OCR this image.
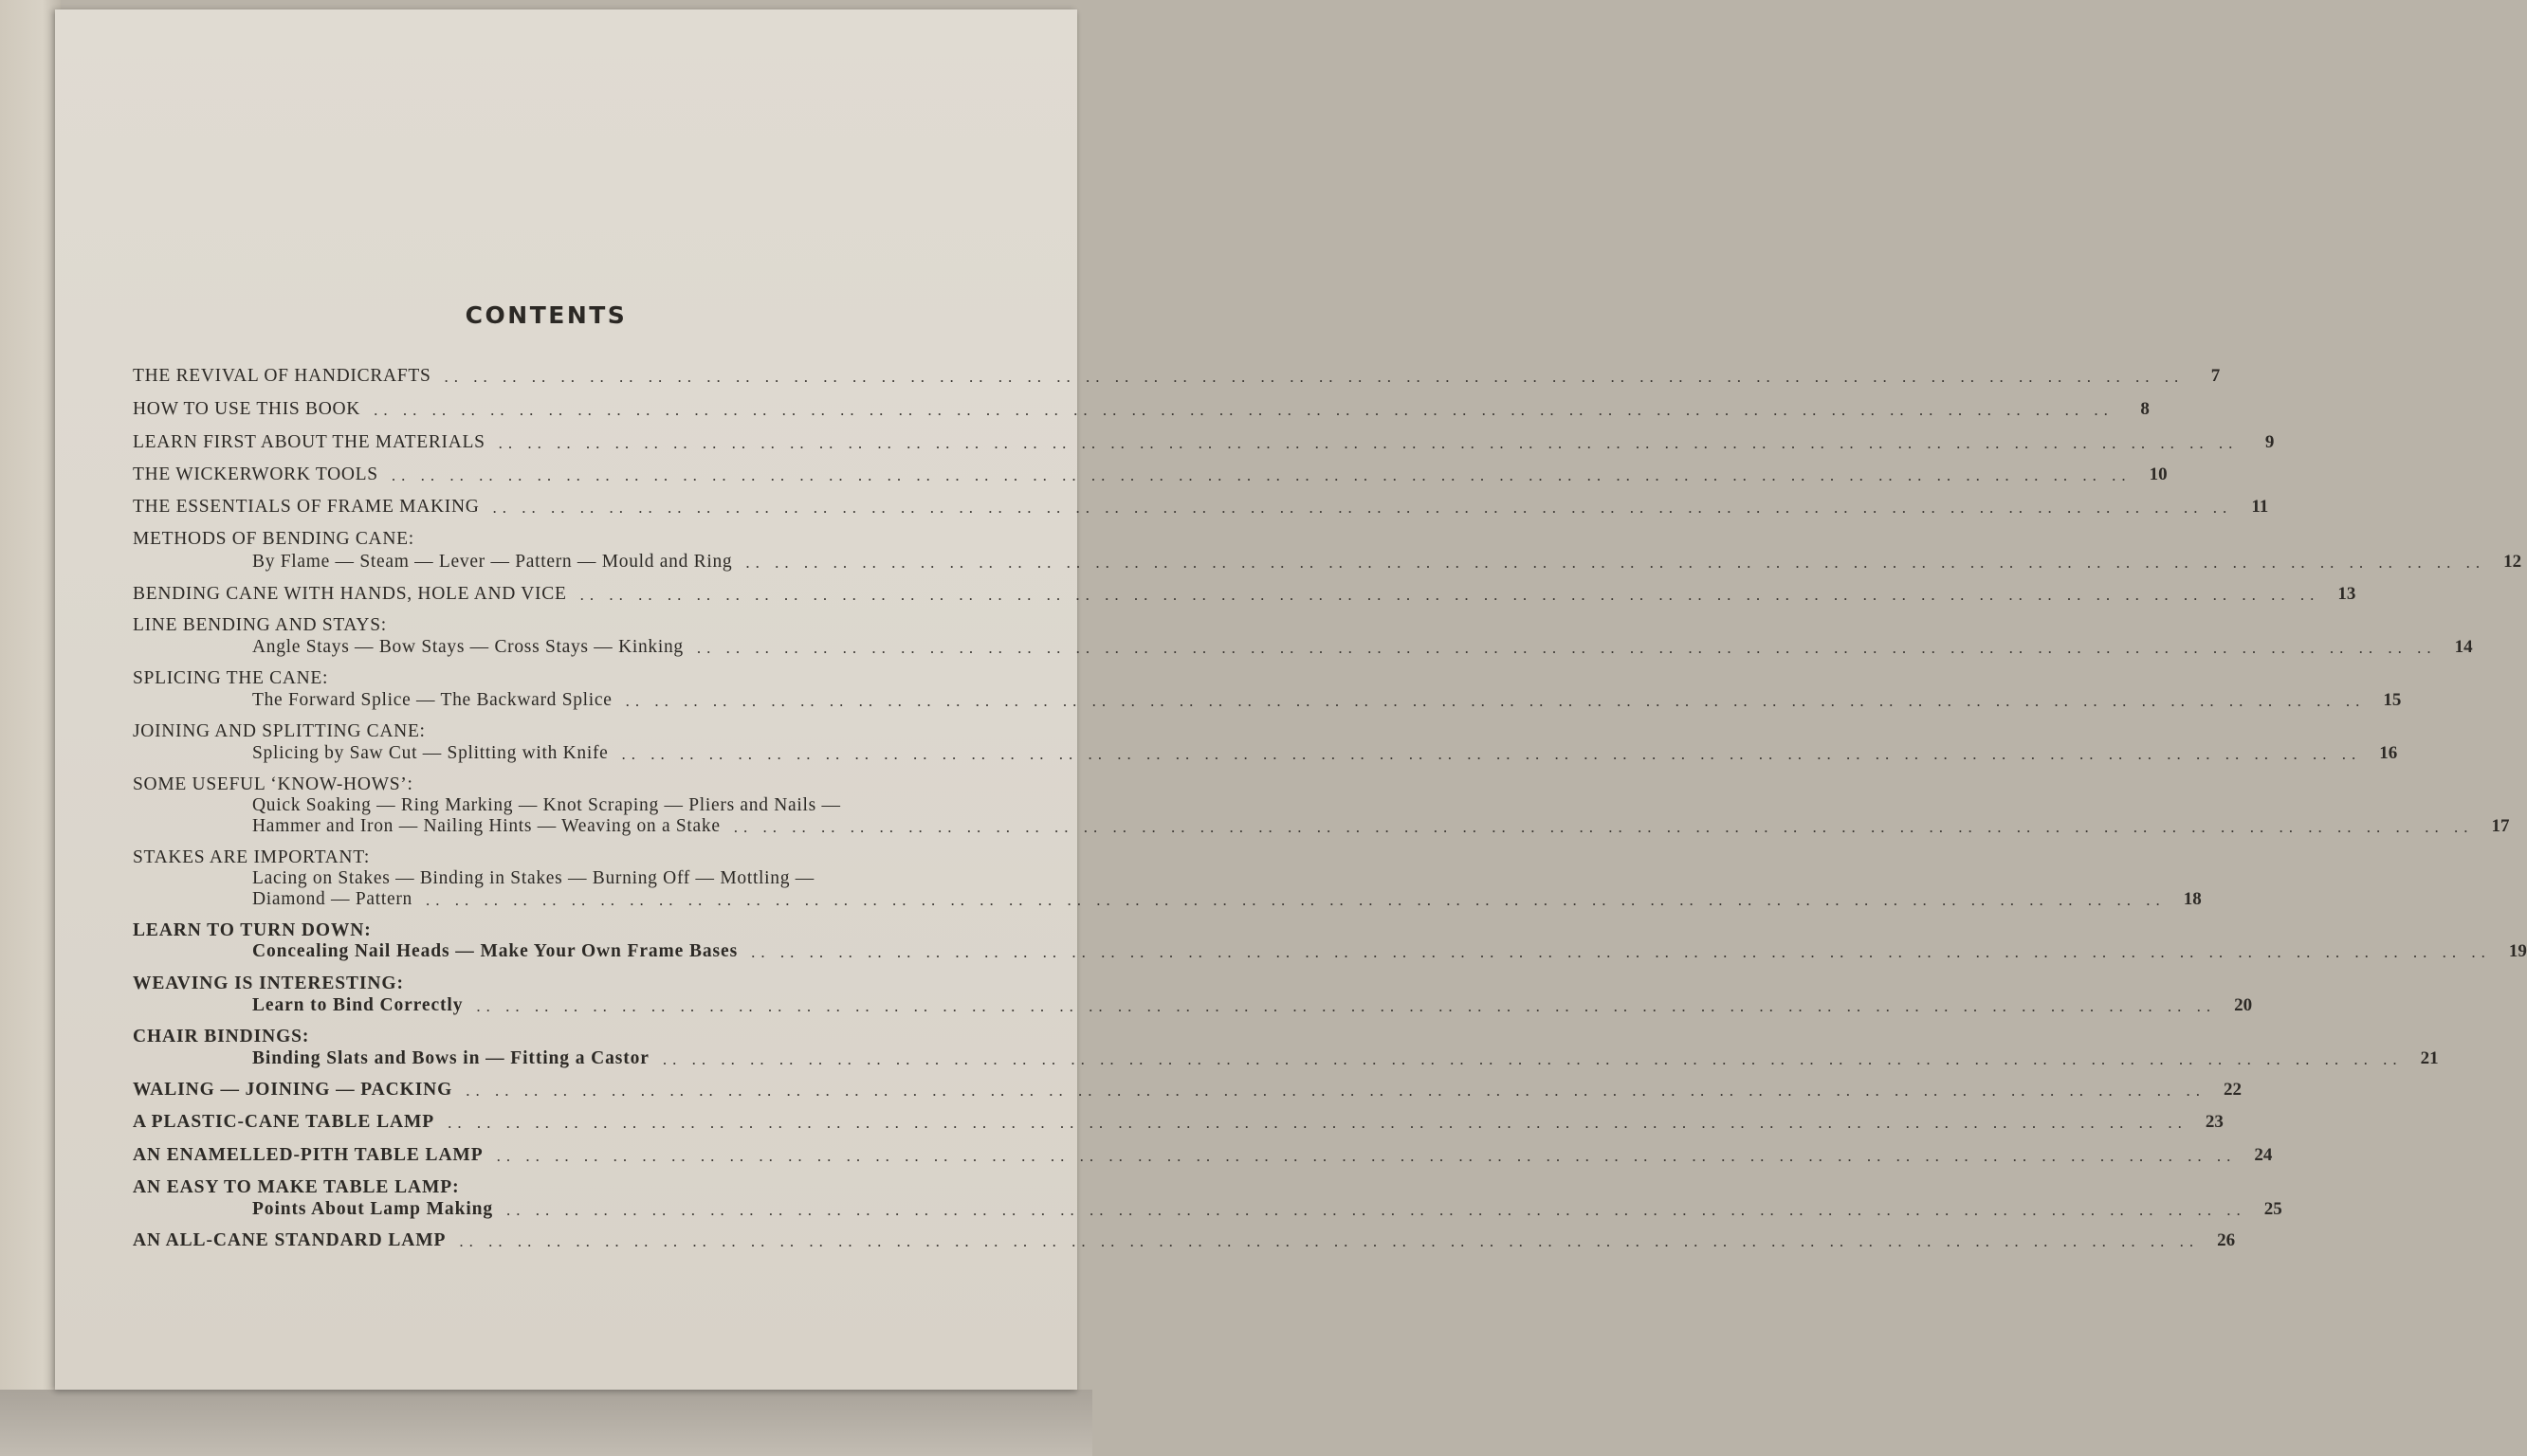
CONTENTS
THE REVIVAL OF HANDICRAFTS .. .. .. .. .. .. .. .. .. .. .. .. .. .. .. .. .. .. .. .. .. .. .. .. .. .. .. .. .. .. .. .. .. .. .. .. .. .. .. .. .. .. .. .. .. .. .. .. .. .. .. .. .. .. .. .. .. .. .. ..	7
HOW TO USE THIS BOOK .. .. .. .. .. .. .. .. .. .. .. .. .. .. .. .. .. .. .. .. .. .. .. .. .. .. .. .. .. .. .. .. .. .. .. .. .. .. .. .. .. .. .. .. .. .. .. .. .. .. .. .. .. .. .. .. .. .. .. ..	8
LEARN FIRST ABOUT THE MATERIALS .. .. .. .. .. .. .. .. .. .. .. .. .. .. .. .. .. .. .. .. .. .. .. .. .. .. .. .. .. .. .. .. .. .. .. .. .. .. .. .. .. .. .. .. .. .. .. .. .. .. .. .. .. .. .. .. .. .. .. ..	9
THE WICKERWORK TOOLS .. .. .. .. .. .. .. .. .. .. .. .. .. .. .. .. .. .. .. .. .. .. .. .. .. .. .. .. .. .. .. .. .. .. .. .. .. .. .. .. .. .. .. .. .. .. .. .. .. .. .. .. .. .. .. .. .. .. .. ..	10
THE ESSENTIALS OF FRAME MAKING .. .. .. .. .. .. .. .. .. .. .. .. .. .. .. .. .. .. .. .. .. .. .. .. .. .. .. .. .. .. .. .. .. .. .. .. .. .. .. .. .. .. .. .. .. .. .. .. .. .. .. .. .. .. .. .. .. .. .. ..	11
METHODS OF BENDING CANE:
By Flame — Steam — Lever — Pattern — Mould and Ring .. .. .. .. .. .. .. .. .. .. .. .. .. .. .. .. .. .. .. .. .. .. .. .. .. .. .. .. .. .. .. .. .. .. .. .. .. .. .. .. .. .. .. .. .. .. .. .. .. .. .. .. .. .. .. .. .. .. .. ..	12
BENDING CANE WITH HANDS, HOLE AND VICE .. .. .. .. .. .. .. .. .. .. .. .. .. .. .. .. .. .. .. .. .. .. .. .. .. .. .. .. .. .. .. .. .. .. .. .. .. .. .. .. .. .. .. .. .. .. .. .. .. .. .. .. .. .. .. .. .. .. .. ..	13
LINE BENDING AND STAYS:
Angle Stays — Bow Stays — Cross Stays — Kinking .. .. .. .. .. .. .. .. .. .. .. .. .. .. .. .. .. .. .. .. .. .. .. .. .. .. .. .. .. .. .. .. .. .. .. .. .. .. .. .. .. .. .. .. .. .. .. .. .. .. .. .. .. .. .. .. .. .. .. ..	14
SPLICING THE CANE:
The Forward Splice — The Backward Splice .. .. .. .. .. .. .. .. .. .. .. .. .. .. .. .. .. .. .. .. .. .. .. .. .. .. .. .. .. .. .. .. .. .. .. .. .. .. .. .. .. .. .. .. .. .. .. .. .. .. .. .. .. .. .. .. .. .. .. ..	15
JOINING AND SPLITTING CANE:
Splicing by Saw Cut — Splitting with Knife .. .. .. .. .. .. .. .. .. .. .. .. .. .. .. .. .. .. .. .. .. .. .. .. .. .. .. .. .. .. .. .. .. .. .. .. .. .. .. .. .. .. .. .. .. .. .. .. .. .. .. .. .. .. .. .. .. .. .. ..	16
SOME USEFUL ‘KNOW-HOWS’:
Quick Soaking — Ring Marking — Knot Scraping — Pliers and Nails —
Hammer and Iron — Nailing Hints — Weaving on a Stake .. .. .. .. .. .. .. .. .. .. .. .. .. .. .. .. .. .. .. .. .. .. .. .. .. .. .. .. .. .. .. .. .. .. .. .. .. .. .. .. .. .. .. .. .. .. .. .. .. .. .. .. .. .. .. .. .. .. .. ..	17
STAKES ARE IMPORTANT:
Lacing on Stakes — Binding in Stakes — Burning Off — Mottling —
Diamond — Pattern .. .. .. .. .. .. .. .. .. .. .. .. .. .. .. .. .. .. .. .. .. .. .. .. .. .. .. .. .. .. .. .. .. .. .. .. .. .. .. .. .. .. .. .. .. .. .. .. .. .. .. .. .. .. .. .. .. .. .. ..	18
LEARN TO TURN DOWN:
Concealing Nail Heads — Make Your Own Frame Bases .. .. .. .. .. .. .. .. .. .. .. .. .. .. .. .. .. .. .. .. .. .. .. .. .. .. .. .. .. .. .. .. .. .. .. .. .. .. .. .. .. .. .. .. .. .. .. .. .. .. .. .. .. .. .. .. .. .. .. ..	19
WEAVING IS INTERESTING:
Learn to Bind Correctly .. .. .. .. .. .. .. .. .. .. .. .. .. .. .. .. .. .. .. .. .. .. .. .. .. .. .. .. .. .. .. .. .. .. .. .. .. .. .. .. .. .. .. .. .. .. .. .. .. .. .. .. .. .. .. .. .. .. .. ..	20
CHAIR BINDINGS:
Binding Slats and Bows in — Fitting a Castor .. .. .. .. .. .. .. .. .. .. .. .. .. .. .. .. .. .. .. .. .. .. .. .. .. .. .. .. .. .. .. .. .. .. .. .. .. .. .. .. .. .. .. .. .. .. .. .. .. .. .. .. .. .. .. .. .. .. .. ..	21
WALING — JOINING — PACKING .. .. .. .. .. .. .. .. .. .. .. .. .. .. .. .. .. .. .. .. .. .. .. .. .. .. .. .. .. .. .. .. .. .. .. .. .. .. .. .. .. .. .. .. .. .. .. .. .. .. .. .. .. .. .. .. .. .. .. ..	22
A PLASTIC-CANE TABLE LAMP .. .. .. .. .. .. .. .. .. .. .. .. .. .. .. .. .. .. .. .. .. .. .. .. .. .. .. .. .. .. .. .. .. .. .. .. .. .. .. .. .. .. .. .. .. .. .. .. .. .. .. .. .. .. .. .. .. .. .. ..	23
AN ENAMELLED-PITH TABLE LAMP .. .. .. .. .. .. .. .. .. .. .. .. .. .. .. .. .. .. .. .. .. .. .. .. .. .. .. .. .. .. .. .. .. .. .. .. .. .. .. .. .. .. .. .. .. .. .. .. .. .. .. .. .. .. .. .. .. .. .. ..	24
AN EASY TO MAKE TABLE LAMP:
Points About Lamp Making .. .. .. .. .. .. .. .. .. .. .. .. .. .. .. .. .. .. .. .. .. .. .. .. .. .. .. .. .. .. .. .. .. .. .. .. .. .. .. .. .. .. .. .. .. .. .. .. .. .. .. .. .. .. .. .. .. .. .. ..	25
AN ALL-CANE STANDARD LAMP .. .. .. .. .. .. .. .. .. .. .. .. .. .. .. .. .. .. .. .. .. .. .. .. .. .. .. .. .. .. .. .. .. .. .. .. .. .. .. .. .. .. .. .. .. .. .. .. .. .. .. .. .. .. .. .. .. .. .. ..	26
